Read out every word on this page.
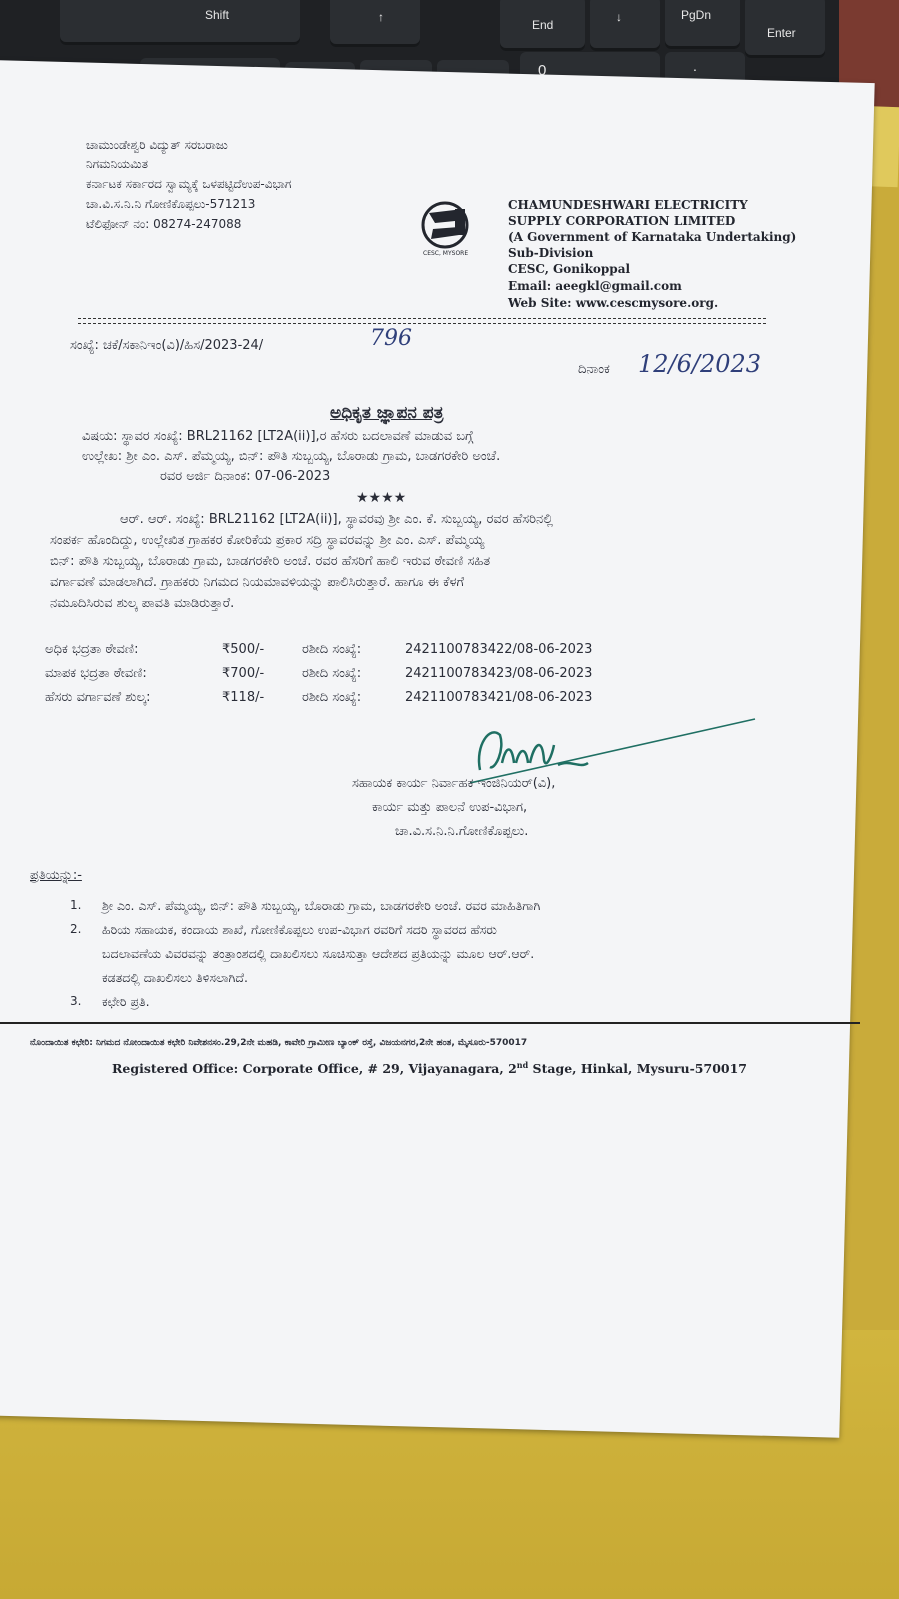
Shift	↑
End
↓	PgDn
Enter
0	.
ಚಾಮುಂಡೇಶ್ವರಿ ವಿದ್ಯುತ್ ಸರಬರಾಜು
ನಿಗಮನಿಯಮಿತ
ಕರ್ನಾಟಕ ಸರ್ಕಾರದ ಸ್ವಾಮ್ಯಕ್ಕೆ ಒಳಪಟ್ಟಿದೆಉಪ-ವಿಭಾಗ
ಚಾ.ವಿ.ಸ.ನಿ.ನಿ ಗೋಣಿಕೊಪ್ಪಲು-571213
ಟೆಲಿಫೋನ್ ನಂ: 08274-247088
CESC, MYSORE
CHAMUNDESHWARI ELECTRICITY
SUPPLY CORPORATION LIMITED
(A Government of Karnataka Undertaking)
Sub-Division
CESC, Gonikoppal
Email: aeegkl@gmail.com
Web Site: www.cescmysore.org.
ಸಂಖ್ಯೆ: ಚಕೆ/ಸಕಾನಿಇಂ(ವಿ)/ಹಿಸ/2023-24/	796
ದಿನಾಂಕ 12/6/2023
ಅಧಿಕೃತ ಜ್ಞಾಪನ ಪತ್ರ
ವಿಷಯ: ಸ್ಥಾವರ ಸಂಖ್ಯೆ: BRL21162 [LT2A(ii)],ರ ಹೆಸರು ಬದಲಾವಣೆ ಮಾಡುವ ಬಗ್ಗೆ
ಉಲ್ಲೇಖ: ಶ್ರೀ ಎಂ. ಎಸ್. ಪೆಮ್ಮಯ್ಯ, ಬಿನ್: ಪೌತಿ ಸುಬ್ಬಯ್ಯ, ಬೊರಾಡು ಗ್ರಾಮ, ಬಾಡಗರಕೇರಿ ಅಂಚೆ.
ರವರ ಅರ್ಜಿ ದಿನಾಂಕ: 07-06-2023
★★★★
ಆರ್. ಆರ್. ಸಂಖ್ಯೆ: BRL21162 [LT2A(ii)], ಸ್ಥಾವರವು ಶ್ರೀ ಎಂ. ಕೆ. ಸುಬ್ಬಯ್ಯ, ರವರ ಹೆಸರಿನಲ್ಲಿ
ಸಂಪರ್ಕ ಹೊಂದಿದ್ದು, ಉಲ್ಲೇಖಿತ ಗ್ರಾಹಕರ ಕೋರಿಕೆಯ ಪ್ರಕಾರ ಸದ್ರಿ ಸ್ಥಾವರವನ್ನು ಶ್ರೀ ಎಂ. ಎಸ್. ಪೆಮ್ಮಯ್ಯ
ಬಿನ್: ಪೌತಿ ಸುಬ್ಬಯ್ಯ, ಬೊರಾಡು ಗ್ರಾಮ, ಬಾಡಗರಕೇರಿ ಅಂಚೆ. ರವರ ಹೆಸರಿಗೆ ಹಾಲಿ ಇರುವ ಠೇವಣಿ ಸಹಿತ
ವರ್ಗಾವಣೆ ಮಾಡಲಾಗಿದೆ. ಗ್ರಾಹಕರು ನಿಗಮದ ನಿಯಮಾವಳಿಯನ್ನು ಪಾಲಿಸಿರುತ್ತಾರೆ. ಹಾಗೂ ಈ ಕೆಳಗೆ
ನಮೂದಿಸಿರುವ ಶುಲ್ಕ ಪಾವತಿ ಮಾಡಿರುತ್ತಾರೆ.
ಅಧಿಕ ಭದ್ರತಾ ಠೇವಣಿ:	₹500/-	ರಶೀದಿ ಸಂಖ್ಯೆ:	2421100783422/08-06-2023
ಮಾಪಕ ಭದ್ರತಾ ಠೇವಣಿ:	₹700/-	ರಶೀದಿ ಸಂಖ್ಯೆ:	2421100783423/08-06-2023
ಹೆಸರು ವರ್ಗಾವಣೆ ಶುಲ್ಕ:	₹118/-	ರಶೀದಿ ಸಂಖ್ಯೆ:	2421100783421/08-06-2023
ಸಹಾಯಕ ಕಾರ್ಯ ನಿರ್ವಾಹಕ ಇಂಜಿನಿಯರ್(ವಿ),
ಕಾರ್ಯ ಮತ್ತು ಪಾಲನೆ ಉಪ-ವಿಭಾಗ,
ಚಾ.ವಿ.ಸ.ನಿ.ನಿ.ಗೋಣಿಕೊಪ್ಪಲು.
ಪ್ರತಿಯನ್ನು:-
1. ಶ್ರೀ ಎಂ. ಎಸ್. ಪೆಮ್ಮಯ್ಯ, ಬಿನ್: ಪೌತಿ ಸುಬ್ಬಯ್ಯ, ಬೊರಾಡು ಗ್ರಾಮ, ಬಾಡಗರಕೇರಿ ಅಂಚೆ. ರವರ ಮಾಹಿತಿಗಾಗಿ
2. ಹಿರಿಯ ಸಹಾಯಕ, ಕಂದಾಯ ಶಾಖೆ, ಗೋಣಿಕೊಪ್ಪಲು ಉಪ-ವಿಭಾಗ ರವರಿಗೆ ಸದರಿ ಸ್ಥಾವರದ ಹೆಸರು
ಬದಲಾವಣೆಯ ವಿವರವನ್ನು ತಂತ್ರಾಂಶದಲ್ಲಿ ದಾಖಲಿಸಲು ಸೂಚಿಸುತ್ತಾ ಆದೇಶದ ಪ್ರತಿಯನ್ನು ಮೂಲ ಆರ್.ಆರ್.
ಕಡತದಲ್ಲಿ ದಾಖಲಿಸಲು ತಿಳಿಸಲಾಗಿದೆ.
3. ಕಛೇರಿ ಪ್ರತಿ.
ನೊಂದಾಯಿತ ಕಛೇರಿ: ನಿಗಮದ ನೋಂದಾಯಿತ ಕಛೇರಿ ನಿವೇಶನಸಂ.29,2ನೇ ಮಹಡಿ, ಕಾವೇರಿ ಗ್ರಾಮೀಣ ಬ್ಯಾಂಕ್ ರಸ್ತೆ, ವಿಜಯನಗರ,2ನೇ ಹಂತ, ಮೈಸೂರು-570017
Registered Office: Corporate Office, # 29, Vijayanagara, 2nd Stage, Hinkal, Mysuru-570017
